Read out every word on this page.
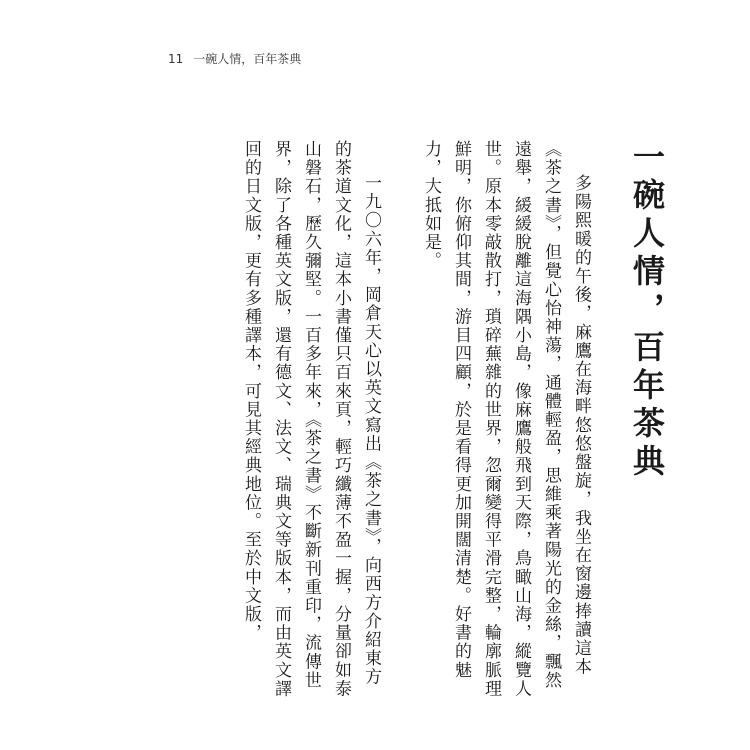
11 一碗人情，百年茶典
一碗人情，百年茶典

多陽熙暖的午後，麻鷹在海畔悠悠盤旋，我坐在窗邊捧讀這本《茶之書》，但覺心怡神蕩，通體輕盈，思維乘著陽光的金絲，飄然遠舉，緩緩脫離這海隅小島，像麻鷹般飛到天際，鳥瞰山海，縱覽人世。原本零敲散打，瑣碎蕪雜的世界，忽爾變得平滑完整，輪廓脈理鮮明，你俯仰其間，游目四顧，於是看得更加開闊清楚。好書的魅力，大抵如是。

一九〇六年，岡倉天心以英文寫出《茶之書》，向西方介紹東方的茶道文化，這本小書僅只百來頁，輕巧纖薄不盈一握，分量卻如泰山磐石，歷久彌堅。一百多年來，《茶之書》不斷新刊重印，流傳世界，除了各種英文版，還有德文、法文、瑞典文等版本，而由英文譯回的日文版，更有多種譯本，可見其經典地位。至於中文版，
